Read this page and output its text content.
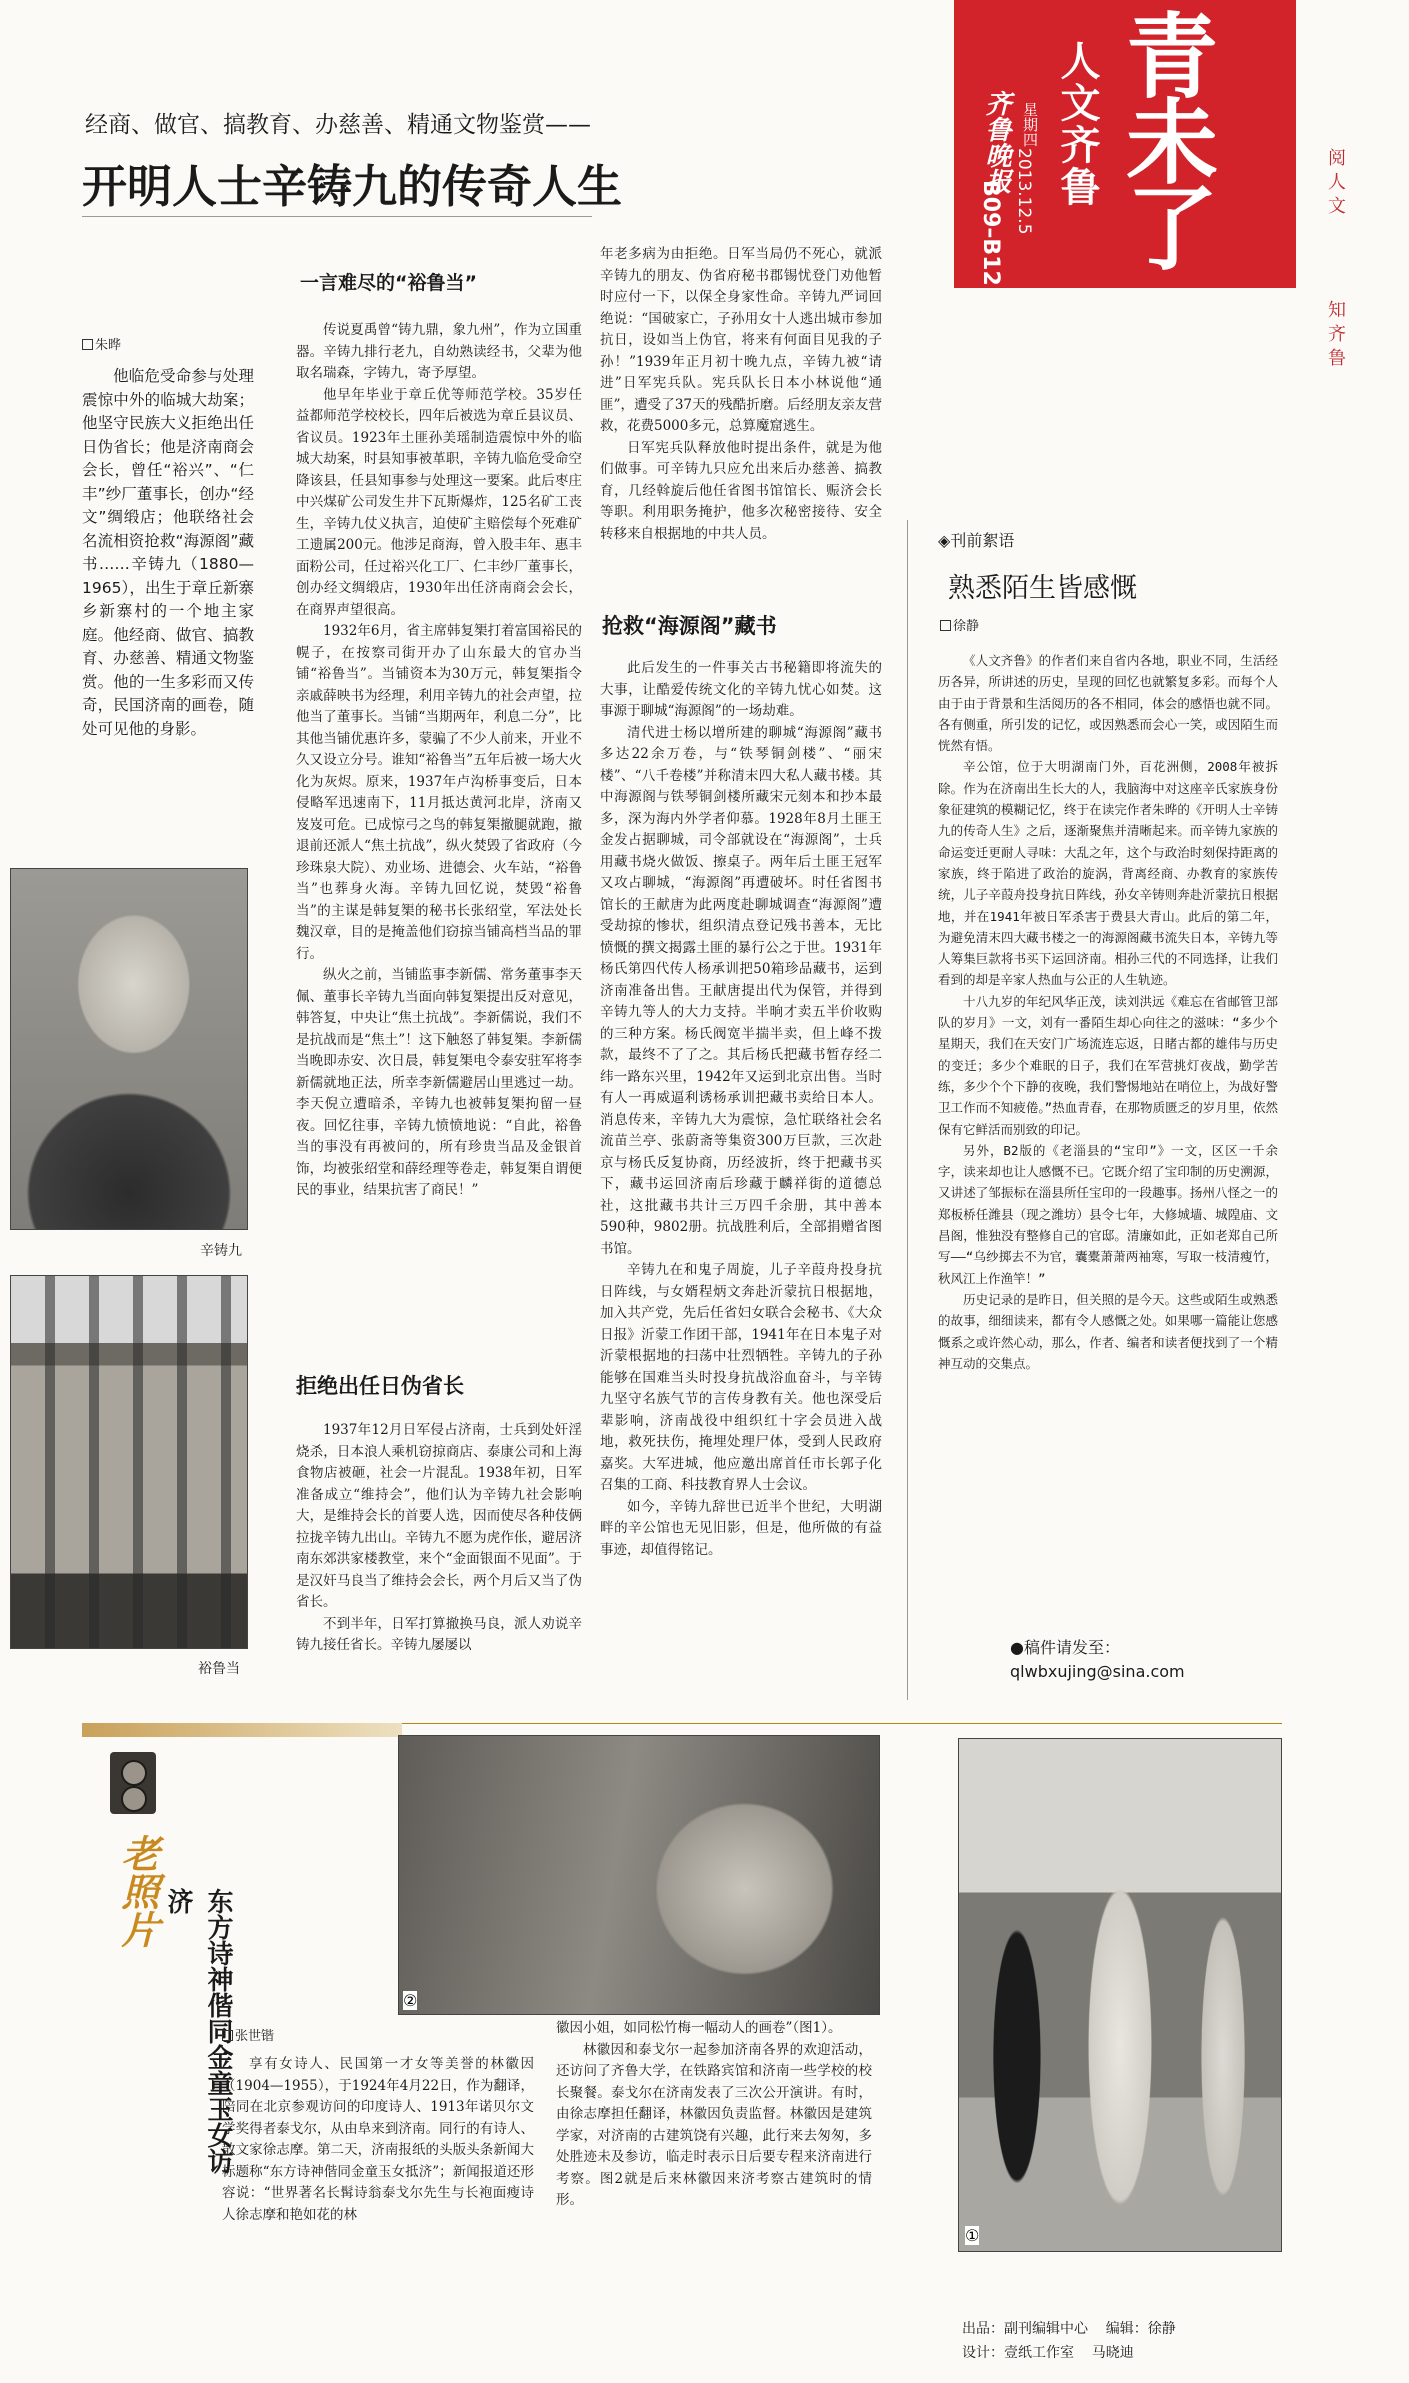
青未了
人文齐鲁
齐鲁晚报 星期四
2013.12.5
B09–B12	阅人文
知齐鲁
经商、做官、搞教育、办慈善、精通文物鉴赏——
开明人士辛铸九的传奇人生
朱晔

他临危受命参与处理震惊中外的临城大劫案；他坚守民族大义拒绝出任日伪省长；他是济南商会会长，曾任“裕兴”、“仁丰”纱厂董事长，创办“经文”绸缎店；他联络社会名流相资抢救“海源阁”藏书……辛铸九（1880—1965），出生于章丘新寨乡新寨村的一个地主家庭。他经商、做官、搞教育、办慈善、精通文物鉴赏。他的一生多彩而又传奇，民国济南的画卷，随处可见他的身影。

辛铸九
裕鲁当
一言难尽的“裕鲁当”

传说夏禹曾“铸九鼎，象九州”，作为立国重器。辛铸九排行老九，自幼熟读经书，父辈为他取名瑞森，字铸九，寄予厚望。

他早年毕业于章丘优等师范学校。35岁任益都师范学校校长，四年后被选为章丘县议员、省议员。1923年土匪孙美瑶制造震惊中外的临城大劫案，时县知事被革职，辛铸九临危受命空降该县，任县知事参与处理这一要案。此后枣庄中兴煤矿公司发生井下瓦斯爆炸，125名矿工丧生，辛铸九仗义执言，迫使矿主赔偿每个死难矿工遗属200元。他涉足商海，曾入股丰年、惠丰面粉公司，任过裕兴化工厂、仁丰纱厂董事长，创办经文绸缎店，1930年出任济南商会会长，在商界声望很高。

1932年6月，省主席韩复榘打着富国裕民的幌子，在按察司街开办了山东最大的官办当铺“裕鲁当”。当铺资本为30万元，韩复榘指令亲戚薛映书为经理，利用辛铸九的社会声望，拉他当了董事长。当铺“当期两年，利息二分”，比其他当铺优惠许多，蒙骗了不少人前来，开业不久又设立分号。谁知“裕鲁当”五年后被一场大火化为灰烬。原来，1937年卢沟桥事变后，日本侵略军迅速南下，11月抵达黄河北岸，济南又岌岌可危。已成惊弓之鸟的韩复榘撤腿就跑，撤退前还派人“焦土抗战”，纵火焚毁了省政府（今珍珠泉大院）、劝业场、进德会、火车站，“裕鲁当”也葬身火海。辛铸九回忆说，焚毁“裕鲁当”的主谋是韩复榘的秘书长张绍堂，军法处长魏汉章，目的是掩盖他们窃掠当铺高档当品的罪行。

纵火之前，当铺监事李新儒、常务董事李天佩、董事长辛铸九当面向韩复榘提出反对意见，韩答复，中央让“焦土抗战”。李新儒说，我们不是抗战而是“焦土”！这下触怒了韩复榘。李新儒当晚即赤安、次日晨，韩复榘电令泰安驻军将李新儒就地正法，所幸李新儒避居山里逃过一劫。李天倪立遭暗杀，辛铸九也被韩复榘拘留一昼夜。回忆往事，辛铸九愤愤地说：“自此，裕鲁当的事没有再被问的，所有珍贵当品及金银首饰，均被张绍堂和薛经理等卷走，韩复榘自谓便民的事业，结果抗害了商民！”

拒绝出任日伪省长

1937年12月日军侵占济南，士兵到处奸淫烧杀，日本浪人乘机窃掠商店、泰康公司和上海食物店被砸，社会一片混乱。1938年初，日军准备成立“维持会”，他们认为辛铸九社会影响大，是维持会长的首要人选，因而使尽各种伎俩拉拢辛铸九出山。辛铸九不愿为虎作伥，避居济南东郊洪家楼教堂，来个“金面银面不见面”。于是汉奸马良当了维持会会长，两个月后又当了伪省长。

不到半年，日军打算撤换马良，派人劝说辛铸九接任省长。辛铸九屡屡以

年老多病为由拒绝。日军当局仍不死心，就派辛铸九的朋友、伪省府秘书郡锡忧登门劝他暂时应付一下，以保全身家性命。辛铸九严词回绝说：“国破家亡，子孙用女十人逃出城市参加抗日，设如当上伪官，将来有何面目见我的子孙！”1939年正月初十晚九点，辛铸九被“请进”日军宪兵队。宪兵队长日本小林说他“通匪”，遭受了37天的残酷折磨。后经朋友亲友营救，花费5000多元，总算魔窟逃生。

日军宪兵队释放他时提出条件，就是为他们做事。可辛铸九只应允出来后办慈善、搞教育，几经斡旋后他任省图书馆馆长、赈济会长等职。利用职务掩护，他多次秘密接待、安全转移来自根据地的中共人员。

抢救“海源阁”藏书

此后发生的一件事关古书秘籍即将流失的大事，让酷爱传统文化的辛铸九忧心如焚。这事源于聊城“海源阁”的一场劫难。

清代进士杨以增所建的聊城“海源阁”藏书多达22余万卷，与“铁琴铜剑楼”、“丽宋楼”、“八千卷楼”并称清末四大私人藏书楼。其中海源阁与铁琴铜剑楼所藏宋元刻本和抄本最多，深为海内外学者仰慕。1928年8月土匪王金发占据聊城，司令部就设在“海源阁”，士兵用藏书烧火做饭、擦桌子。两年后土匪王冠军又攻占聊城，“海源阁”再遭破坏。时任省图书馆长的王献唐为此两度赴聊城调查“海源阁”遭受劫掠的惨状，组织清点登记残书善本，无比愤慨的撰文揭露土匪的暴行公之于世。1931年杨氏第四代传人杨承训把50箱珍品藏书，运到济南准备出售。王献唐提出代为保管，并得到辛铸九等人的大力支持。半晌才卖五半价收购的三种方案。杨氏阀宽半揣半卖，但上峰不拨款，最终不了了之。其后杨氏把藏书暂存经二纬一路东兴里，1942年又运到北京出售。当时有人一再威逼利诱杨承训把藏书卖给日本人。消息传来，辛铸九大为震惊，急忙联络社会名流苗兰亭、张蔚斋等集资300万巨款，三次赴京与杨氏反复协商，历经波折，终于把藏书买下，藏书运回济南后珍藏于麟祥街的道德总社，这批藏书共计三万四千余册，其中善本590种，9802册。抗战胜利后，全部捐赠省图书馆。

辛铸九在和鬼子周旋，儿子辛葭舟投身抗日阵线，与女婿程炳文奔赴沂蒙抗日根据地，加入共产党，先后任省妇女联合会秘书、《大众日报》沂蒙工作团干部，1941年在日本鬼子对沂蒙根据地的扫荡中壮烈牺牲。辛铸九的子孙能够在国难当头时投身抗战浴血奋斗，与辛铸九坚守名族气节的言传身教有关。他也深受后辈影响，济南战役中组织红十字会员进入战地，救死扶伤，掩埋处理尸体，受到人民政府嘉奖。大军进城，他应邀出席首任市长郭子化召集的工商、科技教育界人士会议。

如今，辛铸九辞世已近半个世纪，大明湖畔的辛公馆也无见旧影，但是，他所做的有益事迹，却值得铭记。

◈刊前絮语
熟悉陌生皆感慨
徐静

《人文齐鲁》的作者们来自省内各地，职业不同，生活经历各异，所讲述的历史，呈现的回忆也就繁复多彩。而每个人由于由于背景和生活阅历的各不相同，体会的感悟也就不同。各有侧重，所引发的记忆，或因熟悉而会心一笑，或因陌生而恍然有悟。

辛公馆，位于大明湖南门外，百花洲侧，2008年被拆除。作为在济南出生长大的人，我脑海中对这座辛氏家族身份象征建筑的模糊记忆，终于在读完作者朱晔的《开明人士辛铸九的传奇人生》之后，逐渐聚焦并清晰起来。而辛铸九家族的命运变迁更耐人寻味：大乱之年，这个与政治时刻保持距离的家族，终于陷进了政治的旋涡，背离经商、办教育的家族传统，儿子辛葭舟投身抗日阵线，孙女辛铸则奔赴沂蒙抗日根据地，并在1941年被日军杀害于费县大青山。此后的第二年，为避免清末四大藏书楼之一的海源阁藏书流失日本，辛铸九等人筹集巨款将书买下运回济南。相孙三代的不同选择，让我们看到的却是辛家人热血与公正的人生轨迹。

十八九岁的年纪风华正茂，读刘洪远《难忘在省邮管卫部队的岁月》一文，刘有一番陌生却心向往之的滋味：“多少个星期天，我们在天安门广场流连忘返，日睹古都的雄伟与历史的变迁；多少个难眠的日子，我们在军营挑灯夜战，勤学苦练，多少个个下静的夜晚，我们警惕地站在哨位上，为战好警卫工作而不知疲倦。”热血青春，在那物质匮乏的岁月里，依然保有它鲜活而别致的印记。

另外，B2版的《老淄县的“宝印”》一文，区区一千余字，读来却也让人感慨不已。它既介绍了宝印制的历史溯源，又讲述了邹振标在淄县所任宝印的一段趣事。扬州八怪之一的郑板桥任潍县（现之潍坊）县令七年，大修城墙、城隍庙、文昌阁，惟独没有整修自己的官邸。清廉如此，正如老郑自己所写——“乌纱掷去不为官，囊橐萧萧两袖寒，写取一枝清瘦竹，秋风江上作渔竿！”

历史记录的是昨日，但关照的是今天。这些或陌生或熟悉的故事，细细读来，都有令人感慨之处。如果哪一篇能让您感慨系之或许然心动，那么，作者、编者和读者便找到了一个精神互动的交集点。

●稿件请发至：qlwbxujing@sina.com
老照片	东方诗神偕同金童玉女访济
②
①
张世锴

享有女诗人、民国第一才女等美誉的林徽因（1904—1955），于1924年4月22日，作为翻译，陪同在北京参观访问的印度诗人、1913年诺贝尔文学奖得者泰戈尔，从由阜来到济南。同行的有诗人、散文家徐志摩。第二天，济南报纸的头版头条新闻大标题称“东方诗神偕同金童玉女抵济”；新闻报道还形容说：“世界著名长髯诗翁泰戈尔先生与长袍面瘦诗人徐志摩和艳如花的林

徽因小姐，如同松竹梅一幅动人的画卷”（图1）。

林徽因和泰戈尔一起参加济南各界的欢迎活动，还访问了齐鲁大学，在铁路宾馆和济南一些学校的校长聚餐。泰戈尔在济南发表了三次公开演讲。有时，由徐志摩担任翻译，林徽因负责监督。林徽因是建筑学家，对济南的古建筑饶有兴趣，此行来去匆匆，多处胜迹未及参访，临走时表示日后要专程来济南进行考察。图2就是后来林徽因来济考察古建筑时的情形。

出品：副刊编辑中心    编辑：徐静
设计：壹纸工作室    马晓迪
